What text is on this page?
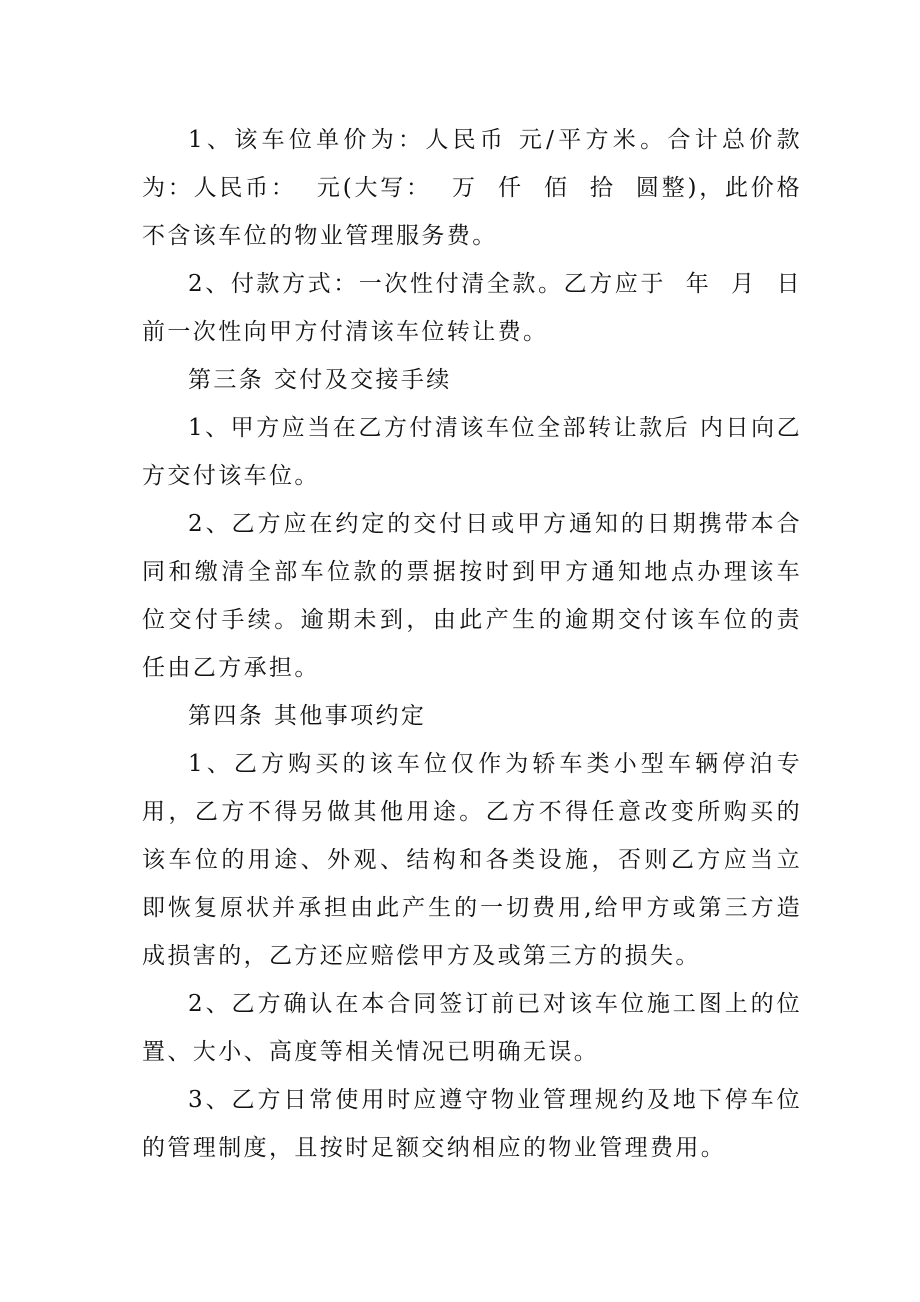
1、该车位单价为：人民币 元/平方米。合计总价款为：人民币：  元(大写：  万  仟  佰  拾  圆整)，此价格不含该车位的物业管理服务费。

2、付款方式：一次性付清全款。乙方应于  年  月  日前一次性向甲方付清该车位转让费。

第三条 交付及交接手续

1、甲方应当在乙方付清该车位全部转让款后 内日向乙方交付该车位。

2、乙方应在约定的交付日或甲方通知的日期携带本合同和缴清全部车位款的票据按时到甲方通知地点办理该车位交付手续。逾期未到，由此产生的逾期交付该车位的责任由乙方承担。

第四条 其他事项约定

1、乙方购买的该车位仅作为轿车类小型车辆停泊专用，乙方不得另做其他用途。乙方不得任意改变所购买的该车位的用途、外观、结构和各类设施，否则乙方应当立即恢复原状并承担由此产生的一切费用,给甲方或第三方造成损害的，乙方还应赔偿甲方及或第三方的损失。

2、乙方确认在本合同签订前已对该车位施工图上的位置、大小、高度等相关情况已明确无误。

3、乙方日常使用时应遵守物业管理规约及地下停车位的管理制度，且按时足额交纳相应的物业管理费用。
